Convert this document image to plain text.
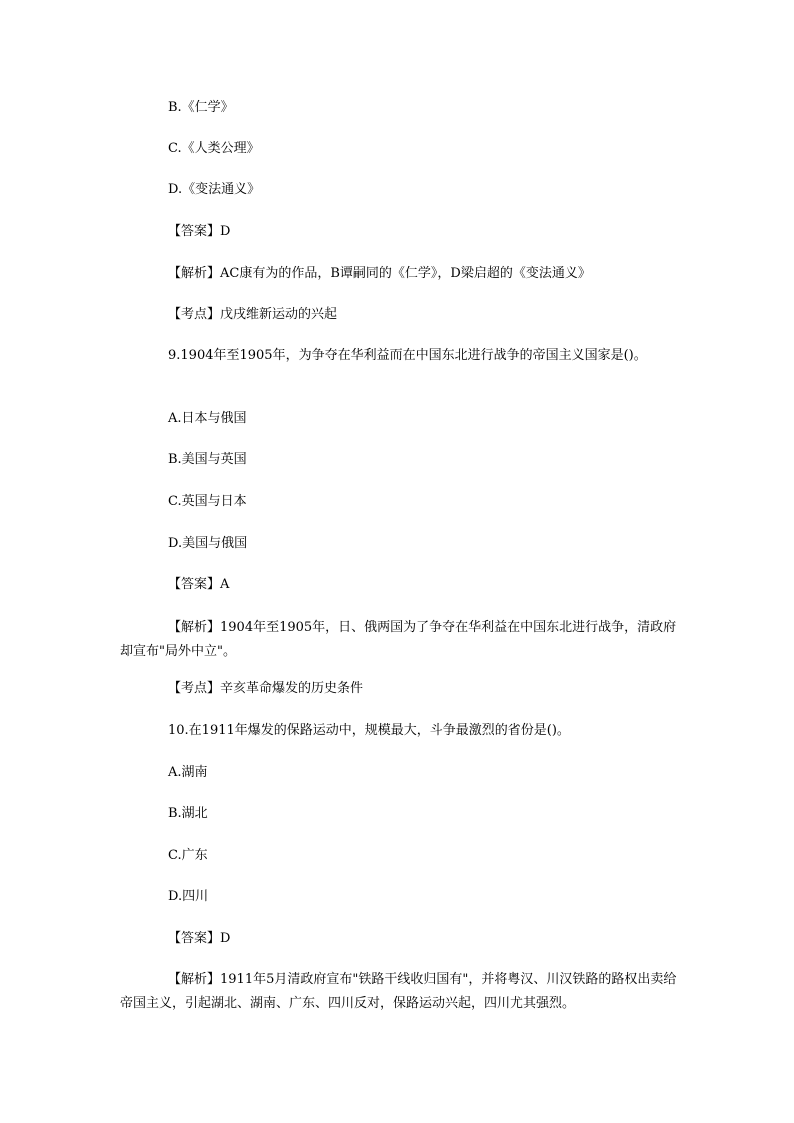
B.《仁学》
C.《人类公理》
D.《变法通义》
【答案】D
【解析】AC康有为的作品，B谭嗣同的《仁学》，D梁启超的《变法通义》
【考点】戊戌维新运动的兴起
9.1904年至1905年，为争夺在华利益而在中国东北进行战争的帝国主义国家是()。
A.日本与俄国
B.美国与英国
C.英国与日本
D.美国与俄国
【答案】A
【解析】1904年至1905年，日、俄两国为了争夺在华利益在中国东北进行战争，清政府却宣布"局外中立"。
【考点】辛亥革命爆发的历史条件
10.在1911年爆发的保路运动中，规模最大，斗争最激烈的省份是()。
A.湖南
B.湖北
C.广东
D.四川
【答案】D
【解析】1911年5月清政府宣布"铁路干线收归国有"，并将粤汉、川汉铁路的路权出卖给帝国主义，引起湖北、湖南、广东、四川反对，保路运动兴起，四川尤其强烈。
